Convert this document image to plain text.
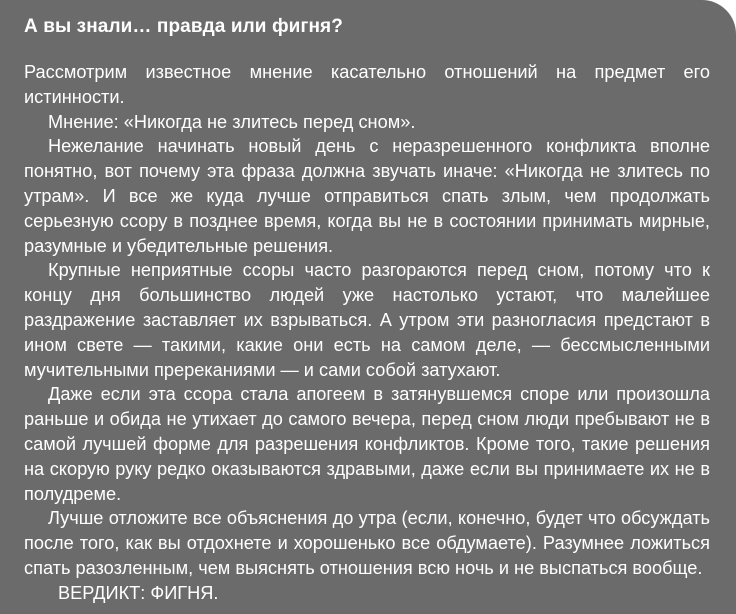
А вы знали… правда или фигня?

Рассмотрим известное мнение касательно отношений на предмет его истинности.

Мнение: «Никогда не злитесь перед сном».

Нежелание начинать новый день с неразрешенного конфликта вполне понятно, вот почему эта фраза должна звучать иначе: «Никогда не злитесь по утрам». И все же куда лучше отправиться спать злым, чем продолжать серьезную ссору в позднее время, когда вы не в состоянии принимать мирные, разумные и убедительные решения.

Крупные неприятные ссоры часто разгораются перед сном, потому что к концу дня большинство людей уже настолько устают, что малейшее раздражение заставляет их взрываться. А утром эти разногласия предстают в ином свете — такими, какие они есть на самом деле, — бессмысленными мучительными пререканиями — и сами собой затухают.

Даже если эта ссора стала апогеем в затянувшемся споре или произошла раньше и обида не утихает до самого вечера, перед сном люди пребывают не в самой лучшей форме для разрешения конфликтов. Кроме того, такие решения на скорую руку редко оказываются здравыми, даже если вы принимаете их не в полудреме.

Лучше отложите все объяснения до утра (если, конечно, будет что обсуждать после того, как вы отдохнете и хорошенько все обдумаете). Разумнее ложиться спать разозленным, чем выяснять отношения всю ночь и не выспаться вообще.

ВЕРДИКТ: ФИГНЯ.
